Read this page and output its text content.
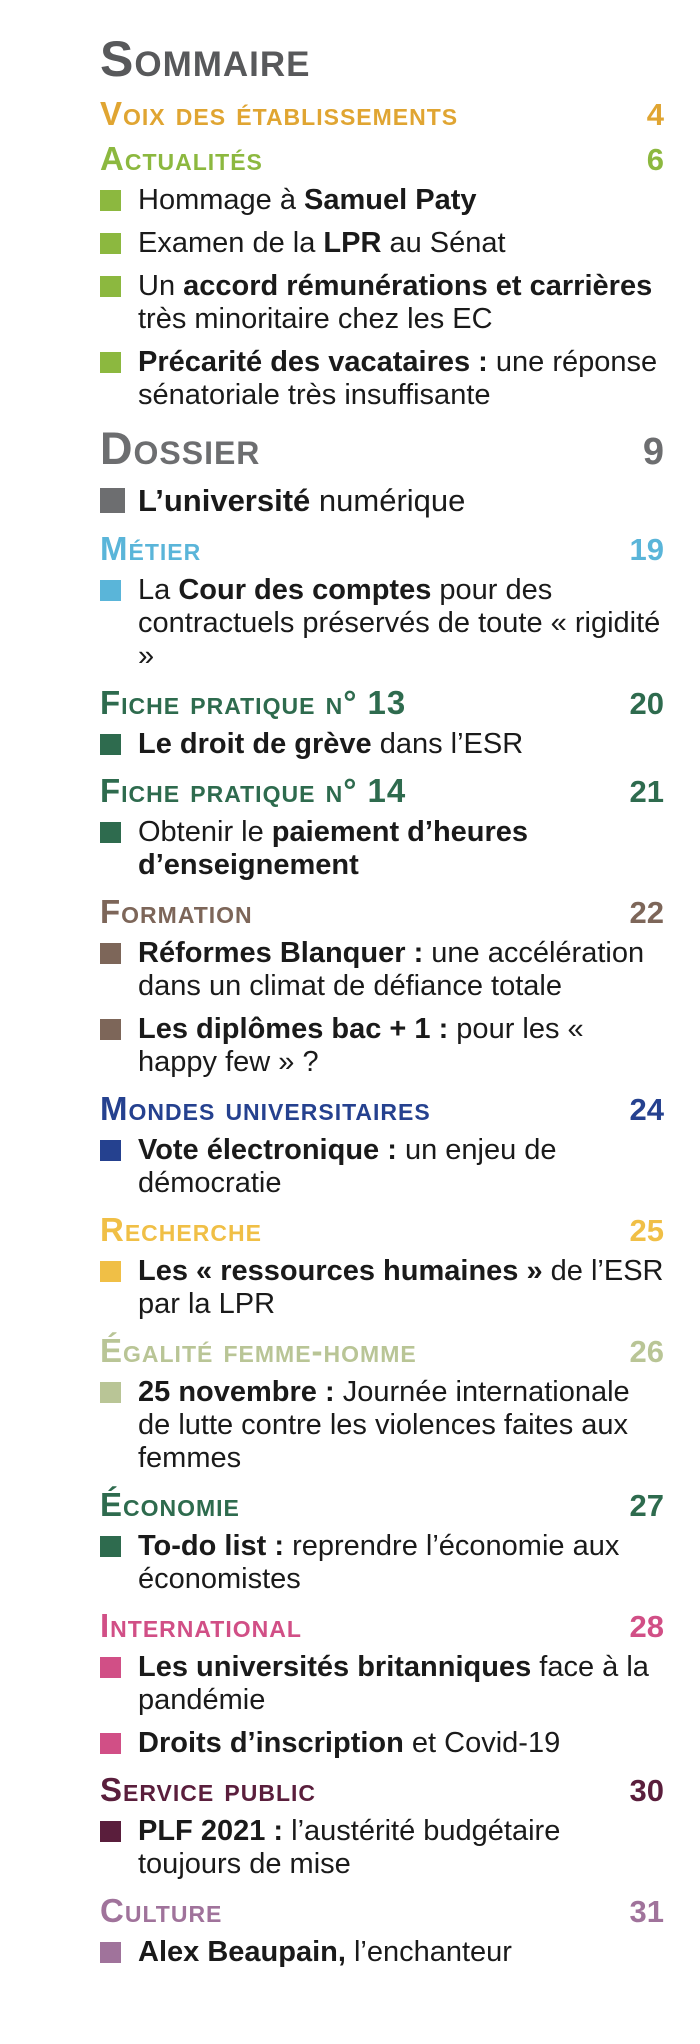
Sommaire
Voix des établissements	4
Actualités	6
Hommage à Samuel Paty
Examen de la LPR au Sénat
Un accord rémunérations et carrières très minoritaire chez les EC
Précarité des vacataires : une réponse sénatoriale très insuffisante
Dossier	9
L’université numérique
Métier	19
La Cour des comptes pour des contractuels préservés de toute « rigidité »
Fiche pratique n° 13	20
Le droit de grève dans l’ESR
Fiche pratique n° 14	21
Obtenir le paiement d’heures d’enseignement
Formation	22
Réformes Blanquer : une accélération dans un climat de défiance totale
Les diplômes bac + 1 : pour les « happy few » ?
Mondes universitaires	24
Vote électronique : un enjeu de démocratie
Recherche	25
Les « ressources humaines » de l’ESR par la LPR
Égalité femme-homme	26
25 novembre : Journée internationale de lutte contre les violences faites aux femmes
Économie	27
To-do list : reprendre l’économie aux économistes
International	28
Les universités britanniques face à la pandémie
Droits d’inscription et Covid-19
Service public	30
PLF 2021 : l’austérité budgétaire toujours de mise
Culture	31
Alex Beaupain, l’enchanteur
